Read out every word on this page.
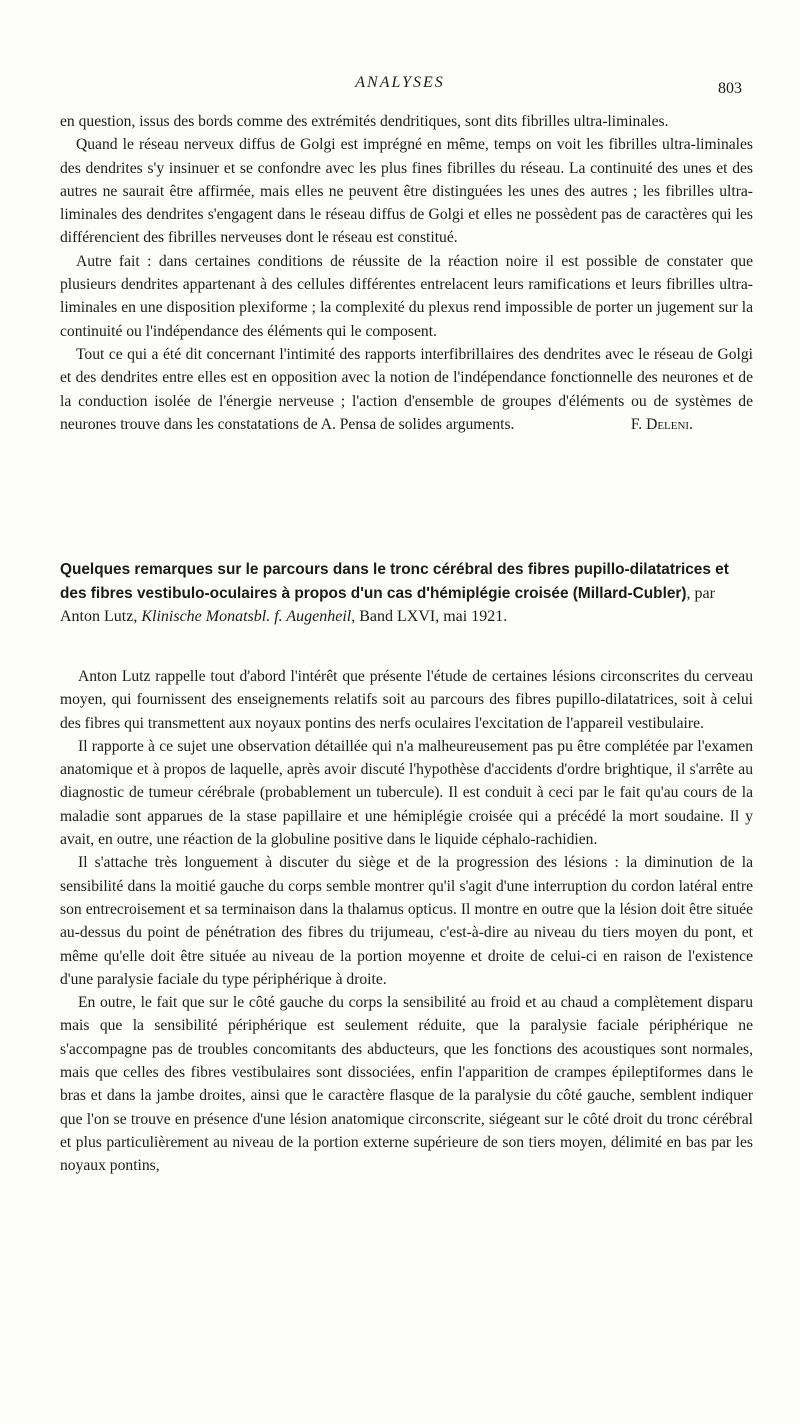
ANALYSES	803

en question, issus des bords comme des extrémités dendritiques, sont dits fibrilles ultra-liminales.

Quand le réseau nerveux diffus de Golgi est imprégné en même, temps on voit les fibrilles ultra-liminales des dendrites s'y insinuer et se confondre avec les plus fines fibrilles du réseau. La continuité des unes et des autres ne saurait être affirmée, mais elles ne peuvent être distinguées les unes des autres ; les fibrilles ultra-liminales des dendrites s'engagent dans le réseau diffus de Golgi et elles ne possèdent pas de caractères qui les différencient des fibrilles nerveuses dont le réseau est constitué.

Autre fait : dans certaines conditions de réussite de la réaction noire il est possible de constater que plusieurs dendrites appartenant à des cellules différentes entrelacent leurs ramifications et leurs fibrilles ultra-liminales en une disposition plexiforme ; la complexité du plexus rend impossible de porter un jugement sur la continuité ou l'indépendance des éléments qui le composent.

Tout ce qui a été dit concernant l'intimité des rapports interfibrillaires des dendrites avec le réseau de Golgi et des dendrites entre elles est en opposition avec la notion de l'indépendance fonctionnelle des neurones et de la conduction isolée de l'énergie nerveuse ; l'action d'ensemble de groupes d'éléments ou de systèmes de neurones trouve dans les constatations de A. Pensa de solides arguments.	F. Deleni.

Quelques remarques sur le parcours dans le tronc cérébral des fibres pupillo-dilatatrices et des fibres vestibulo-oculaires à propos d'un cas d'hémiplégie croisée (Millard-Cubler), par Anton Lutz, Klinische Monatsbl. f. Augenheil, Band LXVI, mai 1921.

Anton Lutz rappelle tout d'abord l'intérêt que présente l'étude de certaines lésions circonscrites du cerveau moyen, qui fournissent des enseignements relatifs soit au parcours des fibres pupillo-dilatatrices, soit à celui des fibres qui transmettent aux noyaux pontins des nerfs oculaires l'excitation de l'appareil vestibulaire.

Il rapporte à ce sujet une observation détaillée qui n'a malheureusement pas pu être complétée par l'examen anatomique et à propos de laquelle, après avoir discuté l'hypothèse d'accidents d'ordre brightique, il s'arrête au diagnostic de tumeur cérébrale (probablement un tubercule). Il est conduit à ceci par le fait qu'au cours de la maladie sont apparues de la stase papillaire et une hémiplégie croisée qui a précédé la mort soudaine. Il y avait, en outre, une réaction de la globuline positive dans le liquide céphalo-rachidien.

Il s'attache très longuement à discuter du siège et de la progression des lésions : la diminution de la sensibilité dans la moitié gauche du corps semble montrer qu'il s'agit d'une interruption du cordon latéral entre son entrecroisement et sa terminaison dans la thalamus opticus. Il montre en outre que la lésion doit être située au-dessus du point de pénétration des fibres du trijumeau, c'est-à-dire au niveau du tiers moyen du pont, et même qu'elle doit être située au niveau de la portion moyenne et droite de celui-ci en raison de l'existence d'une paralysie faciale du type périphérique à droite.

En outre, le fait que sur le côté gauche du corps la sensibilité au froid et au chaud a complètement disparu mais que la sensibilité périphérique est seulement réduite, que la paralysie faciale périphérique ne s'accompagne pas de troubles concomitants des abducteurs, que les fonctions des acoustiques sont normales, mais que celles des fibres vestibulaires sont dissociées, enfin l'apparition de crampes épileptiformes dans le bras et dans la jambe droites, ainsi que le caractère flasque de la paralysie du côté gauche, semblent indiquer que l'on se trouve en présence d'une lésion anatomique circonscrite, siégeant sur le côté droit du tronc cérébral et plus particulièrement au niveau de la portion externe supérieure de son tiers moyen, délimité en bas par les noyaux pontins,
